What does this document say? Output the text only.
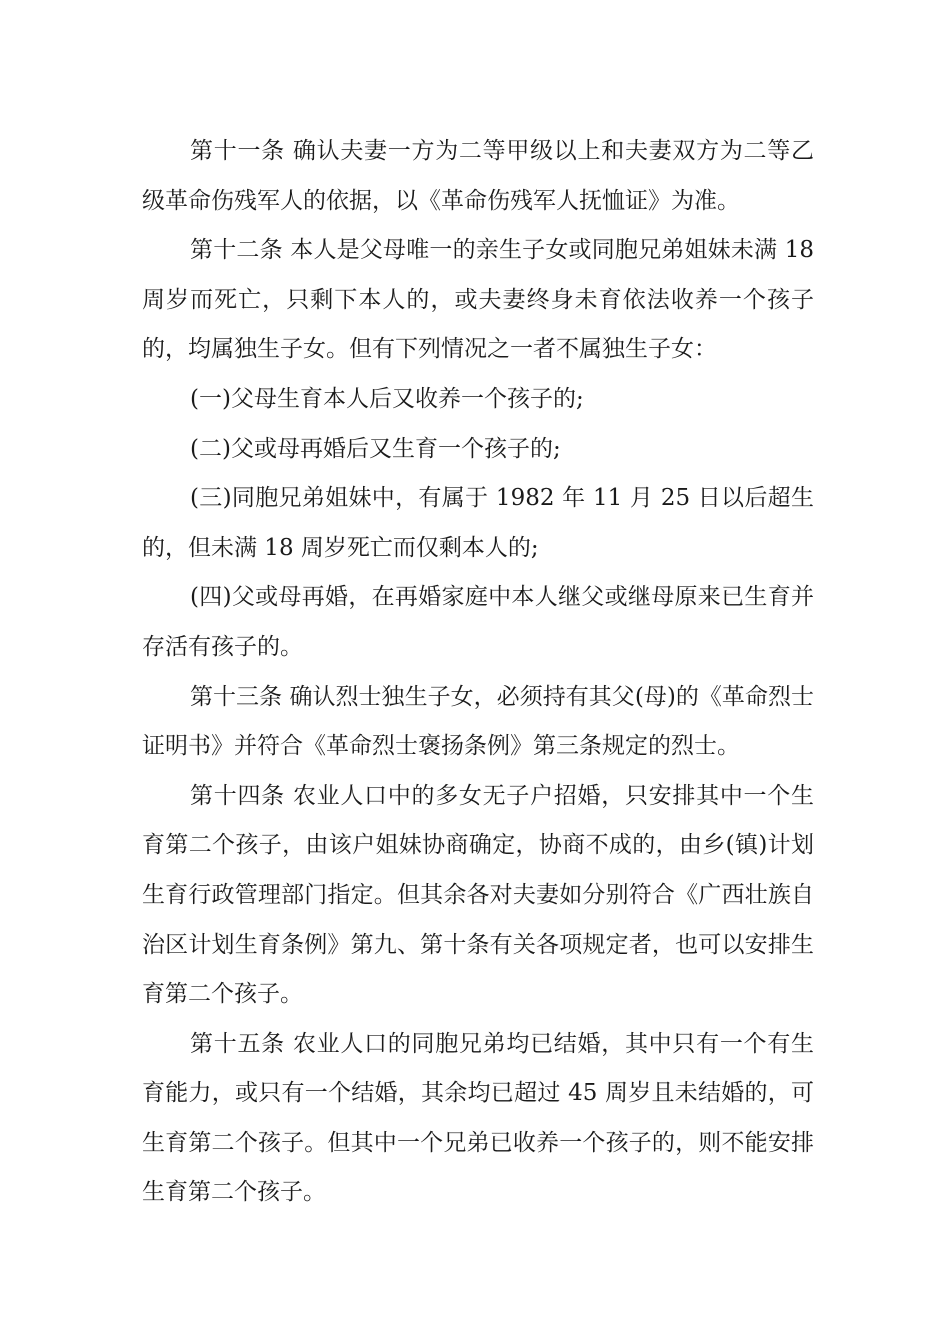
第十一条 确认夫妻一方为二等甲级以上和夫妻双方为二等乙级革命伤残军人的依据，以《革命伤残军人抚恤证》为准。

第十二条 本人是父母唯一的亲生子女或同胞兄弟姐妹未满 18 周岁而死亡，只剩下本人的，或夫妻终身未育依法收养一个孩子的，均属独生子女。但有下列情况之一者不属独生子女：

(一)父母生育本人后又收养一个孩子的;

(二)父或母再婚后又生育一个孩子的;

(三)同胞兄弟姐妹中，有属于 1982 年 11 月 25 日以后超生的，但未满 18 周岁死亡而仅剩本人的;

(四)父或母再婚，在再婚家庭中本人继父或继母原来已生育并存活有孩子的。

第十三条 确认烈士独生子女，必须持有其父(母)的《革命烈士证明书》并符合《革命烈士褒扬条例》第三条规定的烈士。

第十四条 农业人口中的多女无子户招婚，只安排其中一个生育第二个孩子，由该户姐妹协商确定，协商不成的，由乡(镇)计划生育行政管理部门指定。但其余各对夫妻如分别符合《广西壮族自治区计划生育条例》第九、第十条有关各项规定者，也可以安排生育第二个孩子。

第十五条 农业人口的同胞兄弟均已结婚，其中只有一个有生育能力，或只有一个结婚，其余均已超过 45 周岁且未结婚的，可生育第二个孩子。但其中一个兄弟已收养一个孩子的，则不能安排生育第二个孩子。
